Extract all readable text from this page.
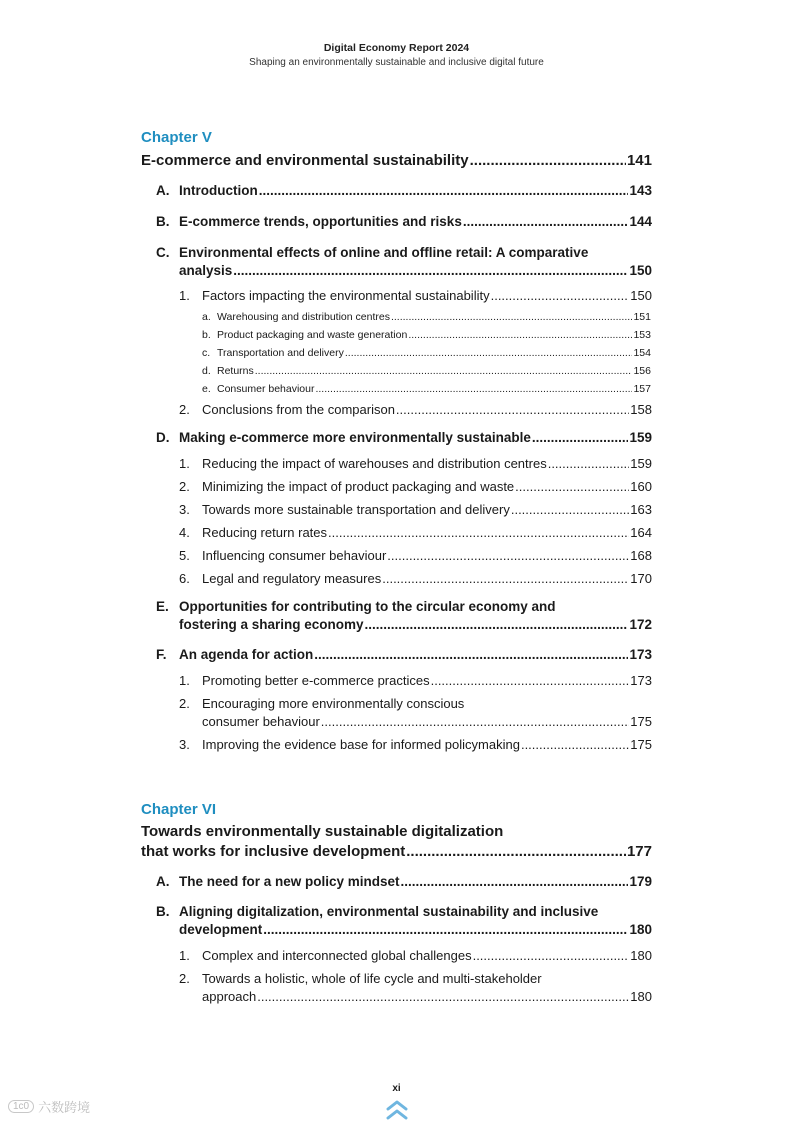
Digital Economy Report 2024
Shaping an environmentally sustainable and inclusive digital future
Chapter V
E-commerce and environmental sustainability .....	141
A. Introduction .....	143
B. E-commerce trends, opportunities and risks .....	144
C. Environmental effects of online and offline retail: A comparative
analysis .....	150
1. Factors impacting the environmental sustainability .....	150
a. Warehousing and distribution centres .....	151
b. Product packaging and waste generation .....	153
c. Transportation and delivery .....	154
d. Returns .....	156
e. Consumer behaviour .....	157
2. Conclusions from the comparison .....	158
D. Making e-commerce more environmentally sustainable .....	159
1. Reducing the impact of warehouses and distribution centres .....	159
2. Minimizing the impact of product packaging and waste .....	160
3. Towards more sustainable transportation and delivery .....	163
4. Reducing return rates .....	164
5. Influencing consumer behaviour .....	168
6. Legal and regulatory measures .....	170
E. Opportunities for contributing to the circular economy and
fostering a sharing economy .....	172
F. An agenda for action .....	173
1. Promoting better e-commerce practices .....	173
2. Encouraging more environmentally conscious
consumer behaviour .....	175
3. Improving the evidence base for informed policymaking .....	175
Chapter VI
Towards environmentally sustainable digitalization
that works for inclusive development .....	177
A. The need for a new policy mindset .....	179
B. Aligning digitalization, environmental sustainability and inclusive
development .....	180
1. Complex and interconnected global challenges .....	180
2. Towards a holistic, whole of life cycle and multi-stakeholder
approach .....	180
xi
1c0 六数跨境
